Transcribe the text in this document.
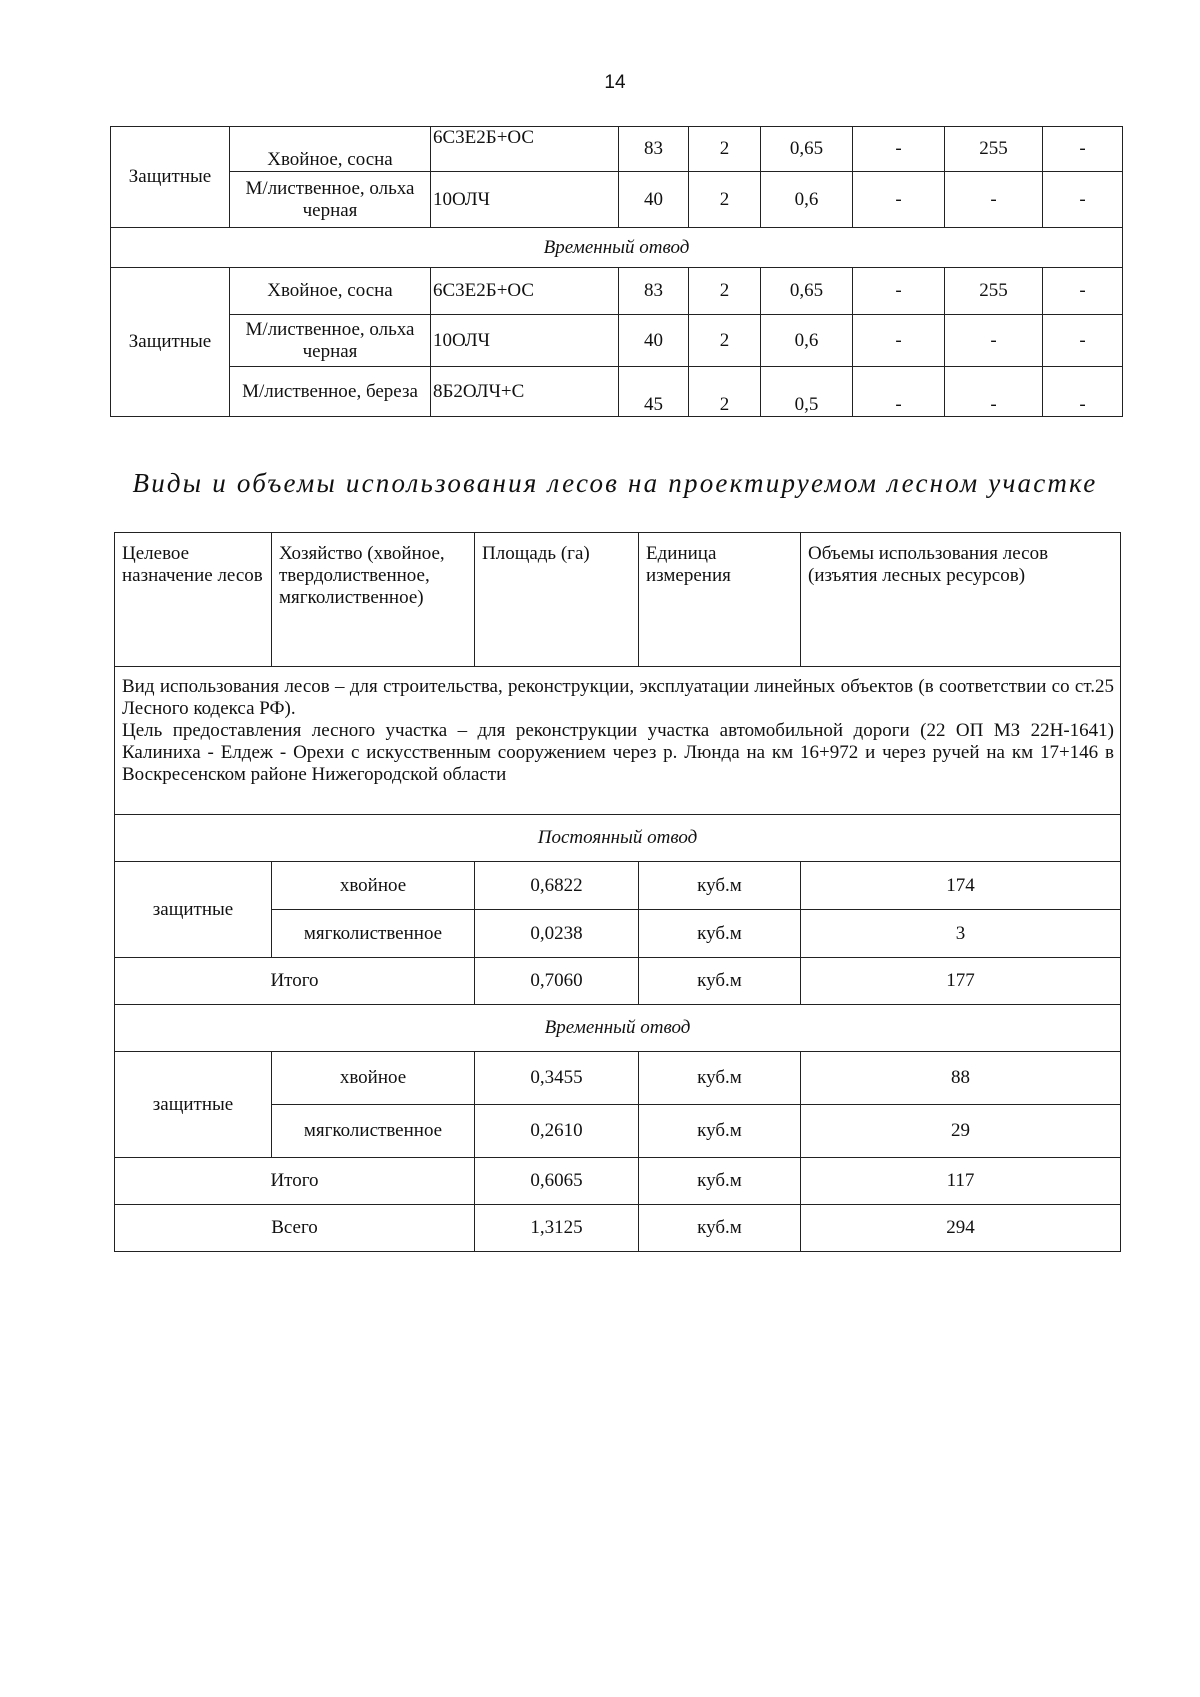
14
Защитные	Хвойное, сосна	6С3Е2Б+ОС	83	2	0,65	-	255	-
	М/лиственное, ольха черная	10ОЛЧ	40	2	0,6	-	-	-
Временный отвод								
Защитные	Хвойное, сосна	6С3Е2Б+ОС	83	2	0,65	-	255	-
	М/лиственное, ольха черная	10ОЛЧ	40	2	0,6	-	-	-
	М/лиственное, береза	8Б2ОЛЧ+С	45	2	0,5	-	-	-
Виды и объемы использования лесов на проектируемом лесном участке
Целевое назначение лесов	Хозяйство (хвойное, твердолиственное, мягколиственное)	Площадь (га)	Единица измерения	Объемы использования лесов (изъятия лесных ресурсов)

Вид использования лесов – для строительства, реконструкции, эксплуатации линейных объектов (в соответствии со ст.25 Лесного кодекса РФ).
Цель предоставления лесного участка – для реконструкции участка автомобильной дороги (22 ОП МЗ 22Н-1641) Калиниха - Елдеж - Орехи с искусственным сооружением через р. Люнда на км 16+972 и через ручей на км 17+146 в Воскресенском районе Нижегородской области				

Постоянный отвод				
защитные	хвойное	0,6822	куб.м	174
	мягколиственное	0,0238	куб.м	3
Итого		0,7060	куб.м	177
Временный отвод				
защитные	хвойное	0,3455	куб.м	88
	мягколиственное	0,2610	куб.м	29
Итого		0,6065	куб.м	117
Всего		1,3125	куб.м	294
